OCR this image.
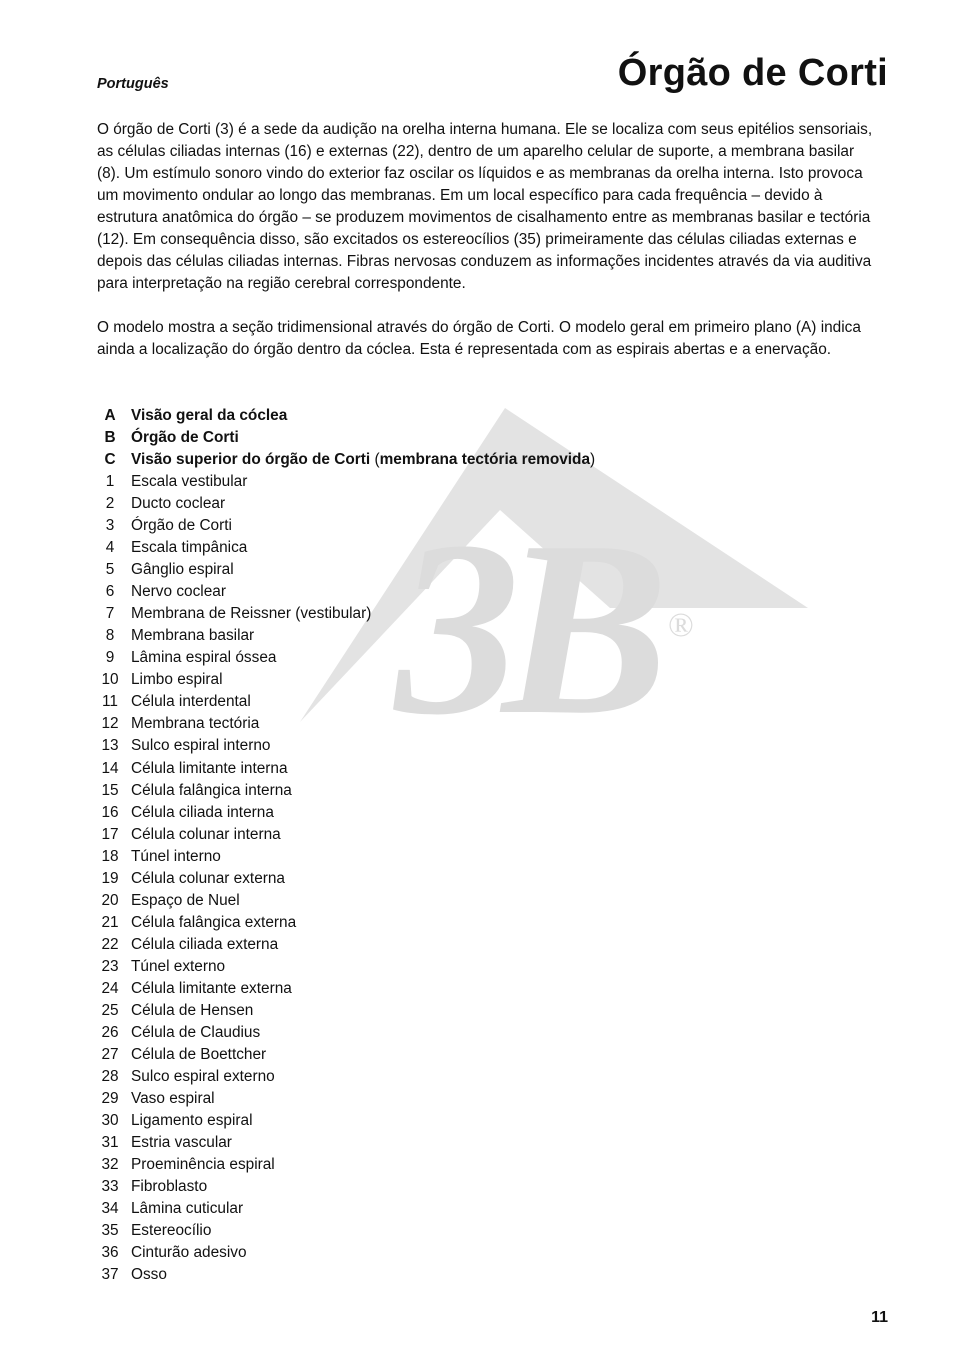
3B ®
Português	Órgão de Corti

O órgão de Corti (3) é a sede da audição na orelha interna humana. Ele se localiza com seus epitélios sensoriais, as células ciliadas internas (16) e externas (22), dentro de um aparelho celular de suporte, a membrana basilar (8). Um estímulo sonoro vindo do exterior faz oscilar os líquidos e as membranas da orelha interna. Isto provoca um movimento ondular ao longo das membranas. Em um local específico para cada frequência – devido à estrutura anatômica do órgão – se produzem movimentos de cisalhamento entre as membranas basilar e tectória (12). Em consequência disso, são excitados os estereocílios (35) primeiramente das células ciliadas externas e depois das células ciliadas internas. Fibras nervosas conduzem as informações incidentes através da via auditiva para interpretação na região cerebral correspondente.

O modelo mostra a seção tridimensional através do órgão de Corti. O modelo geral em primeiro plano (A) indica ainda a localização do órgão dentro da cóclea. Esta é representada com as espirais abertas e a enervação.

A	Visão geral da cóclea
B	Órgão de Corti
C	Visão superior do órgão de Corti (membrana tectória removida)
1	Escala vestibular
2	Ducto coclear
3	Órgão de Corti
4	Escala timpânica
5	Gânglio espiral
6	Nervo coclear
7	Membrana de Reissner (vestibular)
8	Membrana basilar
9	Lâmina espiral óssea
10 Limbo espiral
11 Célula interdental
12 Membrana tectória
13 Sulco espiral interno
14 Célula limitante interna
15 Célula falângica interna
16 Célula ciliada interna
17 Célula colunar interna
18 Túnel interno
19 Célula colunar externa
20 Espaço de Nuel
21 Célula falângica externa
22 Célula ciliada externa
23 Túnel externo
24 Célula limitante externa
25 Célula de Hensen
26 Célula de Claudius
27 Célula de Boettcher
28 Sulco espiral externo
29 Vaso espiral
30 Ligamento espiral
31 Estria vascular
32 Proeminência espiral
33 Fibroblasto
34 Lâmina cuticular
35 Estereocílio
36 Cinturão adesivo
37 Osso
11
